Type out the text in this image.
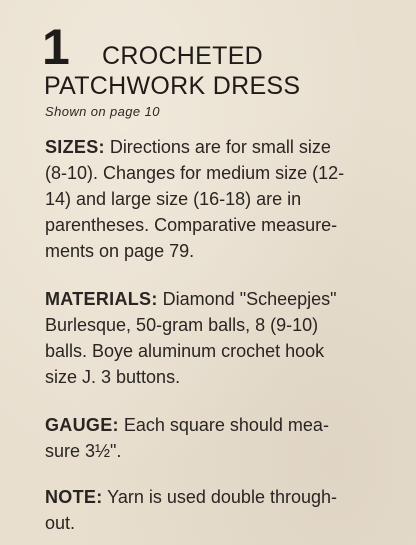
1 CROCHETED
PATCHWORK DRESS
Shown on page 10
SIZES: Directions are for small size
(8-10). Changes for medium size (12-
14) and large size (16-18) are in
parentheses. Comparative measure-
ments on page 79.
MATERIALS: Diamond "Scheepjes"
Burlesque, 50-gram balls, 8 (9-10)
balls. Boye aluminum crochet hook
size J. 3 buttons.
GAUGE: Each square should mea-
sure 3½".
NOTE: Yarn is used double through-
out.
